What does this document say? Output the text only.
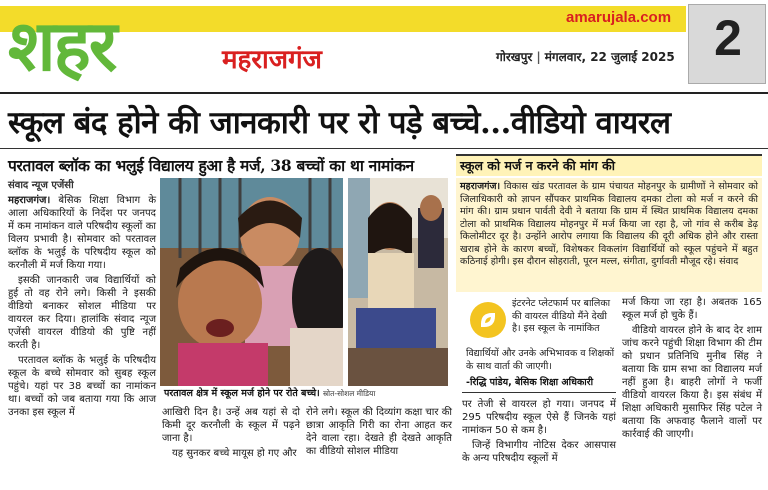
शहर	महराजगंज
amarujala.com
गोरखपुर | मंगलवार, 22 जुलाई 2025 2
स्कूल बंद होने की जानकारी पर रो पड़े बच्चे...वीडियो वायरल
परतावल ब्लॉक का भलुई विद्यालय हुआ है मर्ज, 38 बच्चों का था नामांकन
संवाद न्यूज एजेंसी

महराजगंज। बेसिक शिक्षा विभाग के आला अधिकारियों के निर्देश पर जनपद में कम नामांकन वाले परिषदीय स्कूलों का विलय प्रभावी है। सोमवार को परतावल ब्लॉक के भलुई के परिषदीय स्कूल को करनौली में मर्ज किया गया।

इसकी जानकारी जब विद्यार्थियों को हुई तो वह रोने लगे। किसी ने इसकी वीडियो बनाकर सोशल मीडिया पर वायरल कर दिया। हालांकि संवाद न्यूज एजेंसी वायरल वीडियो की पुष्टि नहीं करती है।

परतावल ब्लॉक के भलुई के परिषदीय स्कूल के बच्चे सोमवार को सुबह स्कूल पहुंचे। यहां पर 38 बच्चों का नामांकन था। बच्चों को जब बताया गया कि आज उनका इस स्कूल में

परतावल क्षेत्र में स्कूल मर्ज होने पर रोते बच्चे। स्रोत-सोशल मीडिया

आखिरी दिन है। उन्हें अब यहां से दो किमी दूर करनौली के स्कूल में पढ़ने जाना है।

यह सुनकर बच्चे मायूस हो गए और

रोने लगे। स्कूल की दिव्यांग कक्षा चार की छात्रा आकृति गिरी का रोना आहत कर देने वाला रहा। देखते ही देखते आकृति का वीडियो सोशल मीडिया
स्कूल को मर्ज न करने की मांग की
महराजगंज। विकास खंड परतावल के ग्राम पंचायत मोहनपुर के ग्रामीणों ने सोमवार को जिलाधिकारी को ज्ञापन सौंपकर प्राथमिक विद्यालय दमका टोला को मर्ज न करने की मांग की। ग्राम प्रधान पार्वती देवी ने बताया कि ग्राम में स्थित प्राथमिक विद्यालय दमका टोला को प्राथमिक विद्यालय मोहनपुर में मर्ज किया जा रहा है, जो गांव से करीब डेढ़ किलोमीटर दूर है। उन्होंने आरोप लगाया कि विद्यालय की दूरी अधिक होने और रास्ता खराब होने के कारण बच्चों, विशेषकर विकलांग विद्यार्थियों को स्कूल पहुंचने में बहुत कठिनाई होगी। इस दौरान सोहराती, पूरन मल्ल, संगीता, दुर्गावती मौजूद रहे। संवाद
इंटरनेट प्लेटफार्म पर बालिका की वायरल वीडियो मैंने देखी है। इस स्कूल के नामांकित
विद्यार्थियों और उनके अभिभावक व शिक्षकों के साथ वार्ता की जाएगी।
-रिद्धि पांडेय, बेसिक शिक्षा अधिकारी

पर तेजी से वायरल हो गया। जनपद में 295 परिषदीय स्कूल ऐसे हैं जिनके यहां नामांकन 50 से कम है।

जिन्हें विभागीय नोटिस देकर आसपास के अन्य परिषदीय स्कूलों में

मर्ज किया जा रहा है। अबतक 165 स्कूल मर्ज हो चुके हैं।

वीडियो वायरल होने के बाद देर शाम जांच करने पहुंची शिक्षा विभाग की टीम को प्रधान प्रतिनिधि मुनीब सिंह ने बताया कि ग्राम सभा का विद्यालय मर्ज नहीं हुआ है। बाहरी लोगों ने फर्जी वीडियो वायरल किया है। इस संबंध में शिक्षा अधिकारी मुसाफिर सिंह पटेल ने बताया कि अफवाह फैलाने वालों पर कार्रवाई की जाएगी।
